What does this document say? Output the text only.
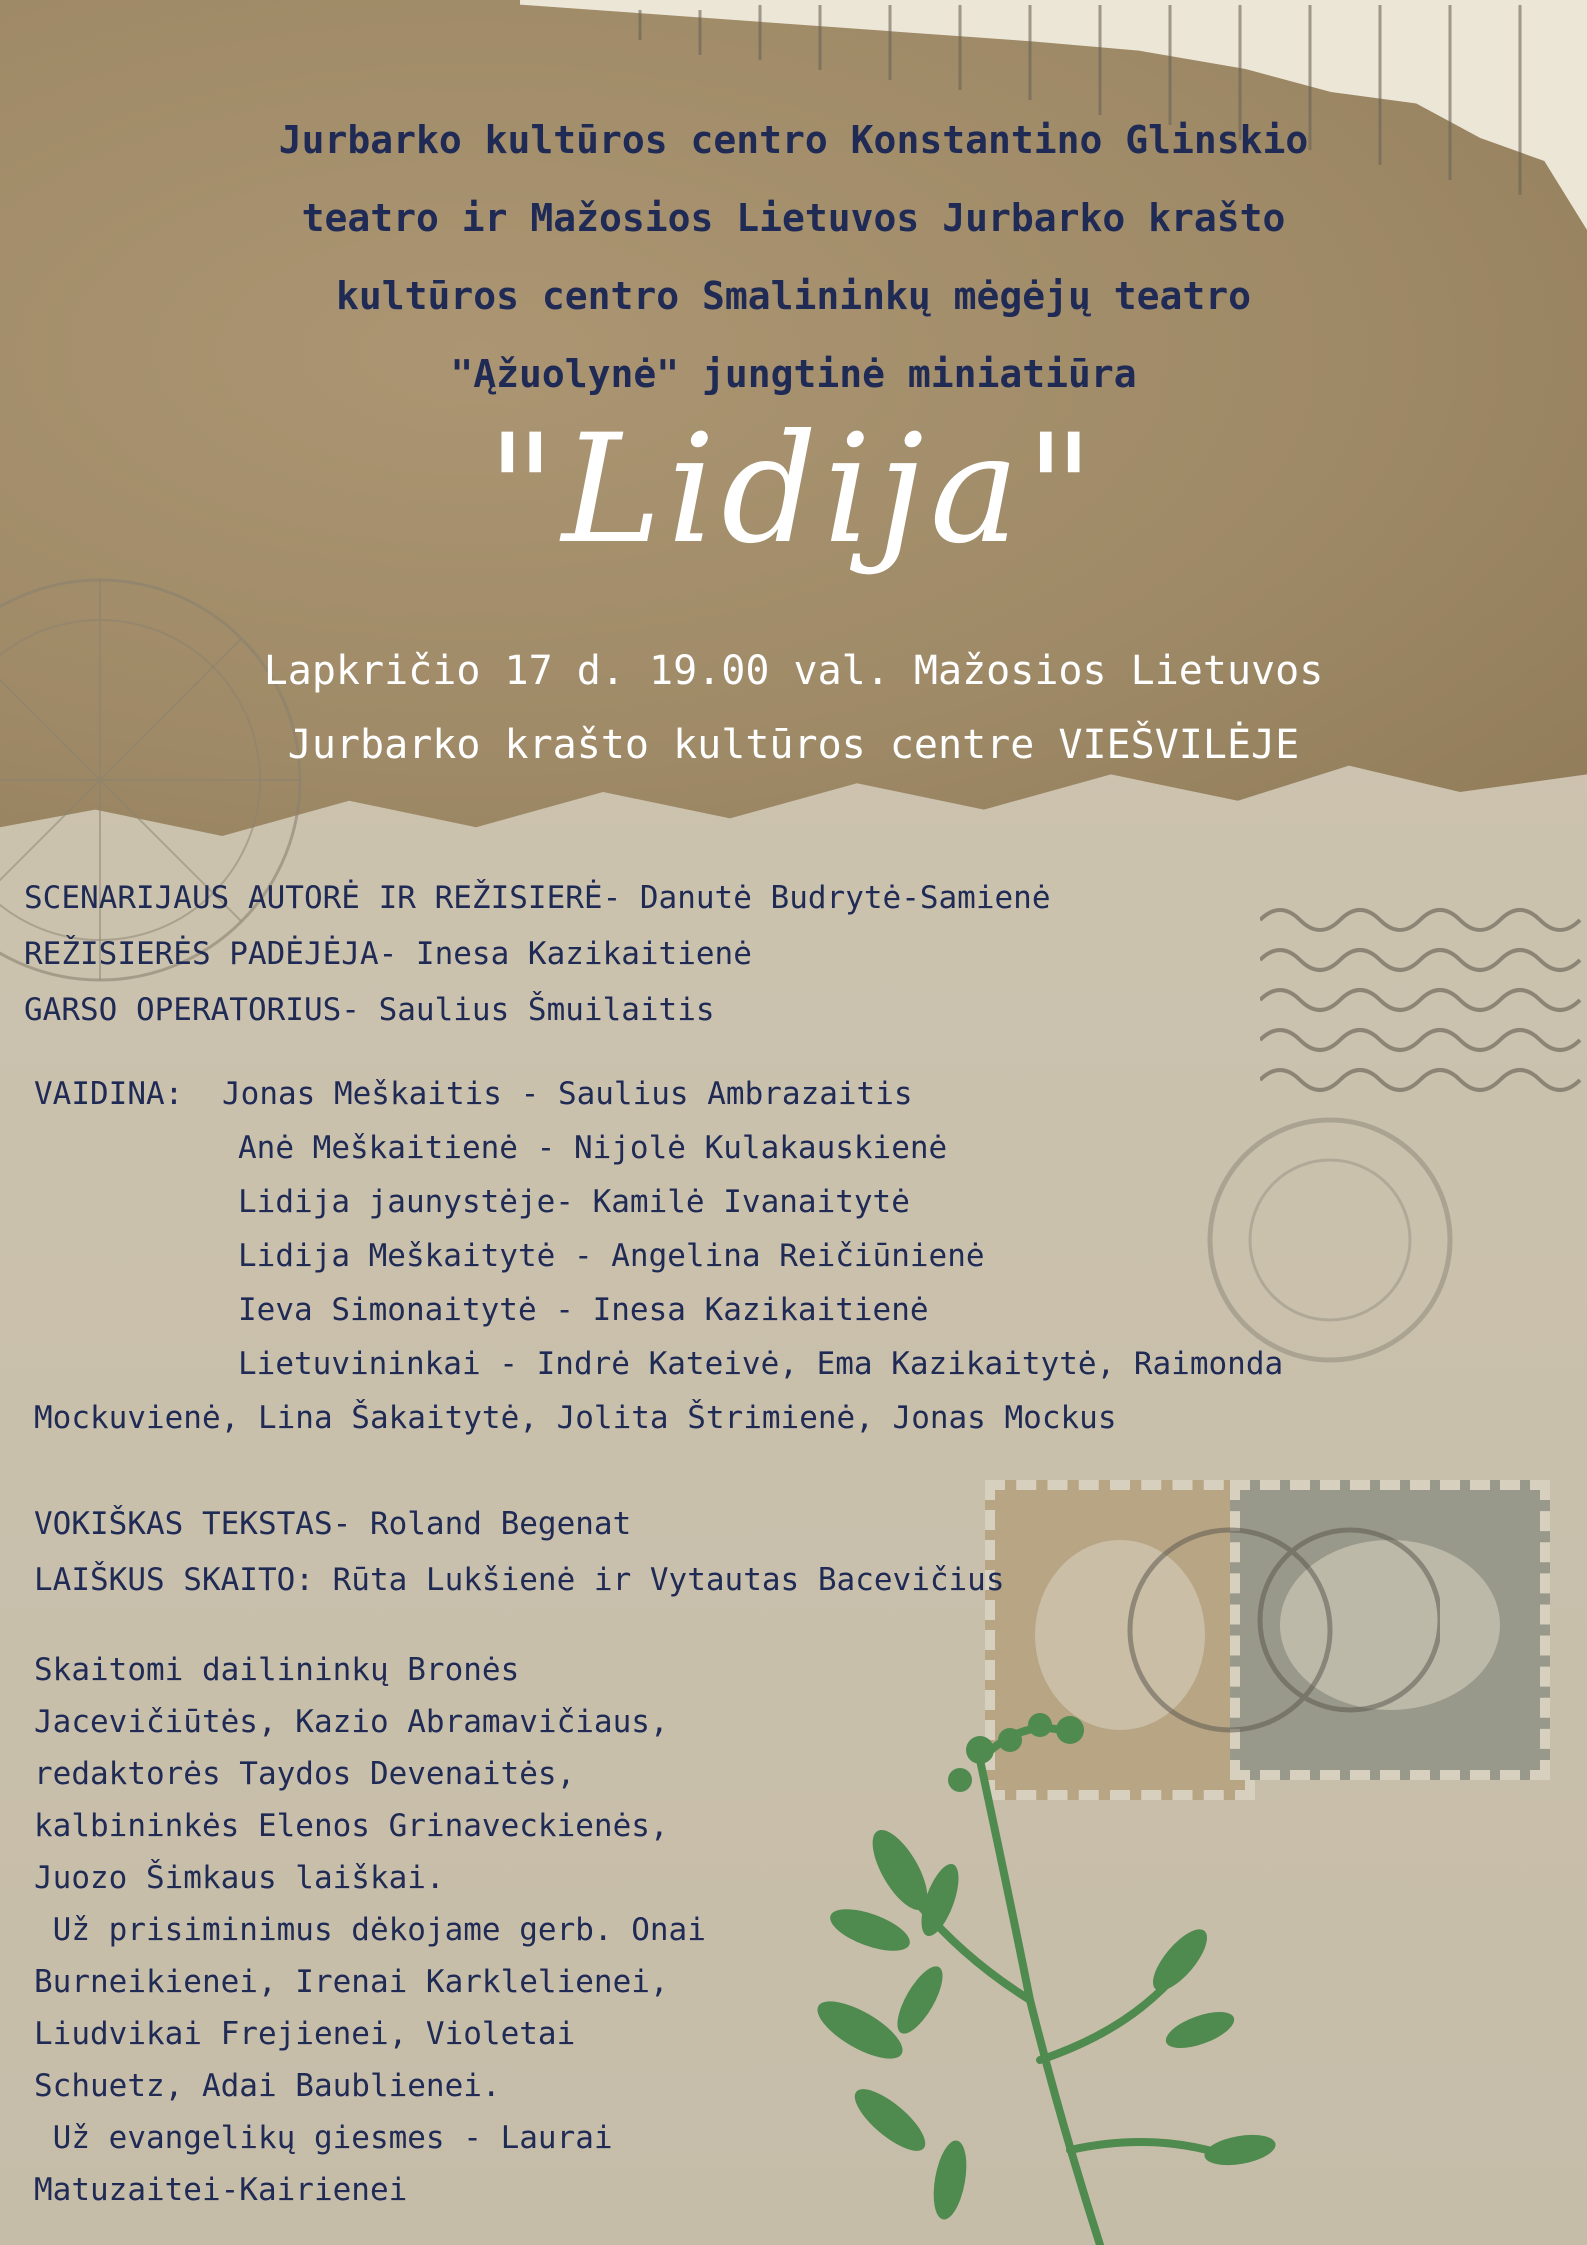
Jurbarko kultūros centro Konstantino Glinskio
teatro ir Mažosios Lietuvos Jurbarko krašto
kultūros centro Smalininkų mėgėjų teatro
"Ąžuolynė" jungtinė miniatiūra
"Lidija"
Lapkričio 17 d. 19.00 val. Mažosios Lietuvos
Jurbarko krašto kultūros centre VIEŠVILĖJE
SCENARIJAUS AUTORĖ IR REŽISIERĖ- Danutė Budrytė-Samienė
REŽISIERĖS PADĖJĖJA- Inesa Kazikaitienė
GARSO OPERATORIUS- Saulius Šmuilaitis
VAIDINA: Jonas Meškaitis - Saulius Ambrazaitis
Anė Meškaitienė - Nijolė Kulakauskienė
Lidija jaunystėje- Kamilė Ivanaitytė
Lidija Meškaitytė - Angelina Reičiūnienė
Ieva Simonaitytė - Inesa Kazikaitienė
Lietuvininkai - Indrė Kateivė, Ema Kazikaitytė, Raimonda
Mockuvienė, Lina Šakaitytė, Jolita Štrimienė, Jonas Mockus
VOKIŠKAS TEKSTAS- Roland Begenat
LAIŠKUS SKAITO: Rūta Lukšienė ir Vytautas Bacevičius
Skaitomi dailininkų Bronės
Jacevičiūtės, Kazio Abramavičiaus,
redaktorės Taydos Devenaitės,
kalbininkės Elenos Grinaveckienės,
Juozo Šimkaus laiškai.
Už prisiminimus dėkojame gerb. Onai
Burneikienei, Irenai Karklelienei,
Liudvikai Frejienei, Violetai
Schuetz, Adai Baublienei.
Už evangelikų giesmes - Laurai
Matuzaitei-Kairienei
